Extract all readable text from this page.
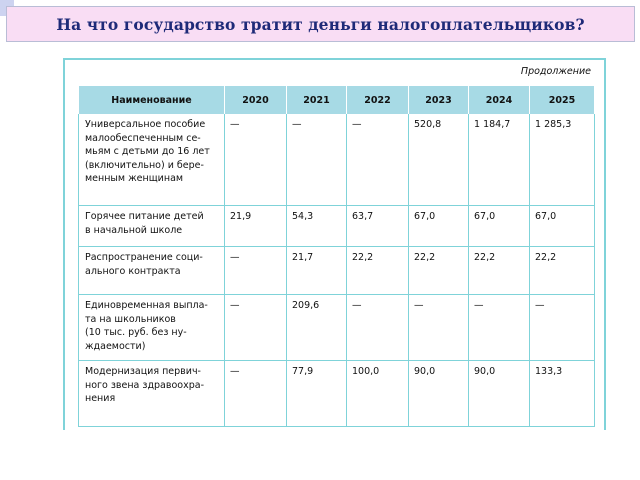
На что государство тратит деньги налогоплательщиков?
Продолжение
Наименование	2020	2021	2022	2023	2024	2025
Универсальное пособие
малообеспеченным се-
мьям с детьми до 16 лет
(включительно) и бере-
менным женщинам	—	—	—	520,8	1 184,7	1 285,3
Горячее питание детей
в начальной школе	21,9	54,3	63,7	67,0	67,0	67,0
Распространение соци-
ального контракта	—	21,7	22,2	22,2	22,2	22,2
Единовременная выпла-
та на школьников
(10 тыс. руб. без ну-
ждаемости)	—	209,6	—	—	—	—
Модернизация первич-
ного звена здравоохра-
нения	—	77,9	100,0	90,0	90,0	133,3
